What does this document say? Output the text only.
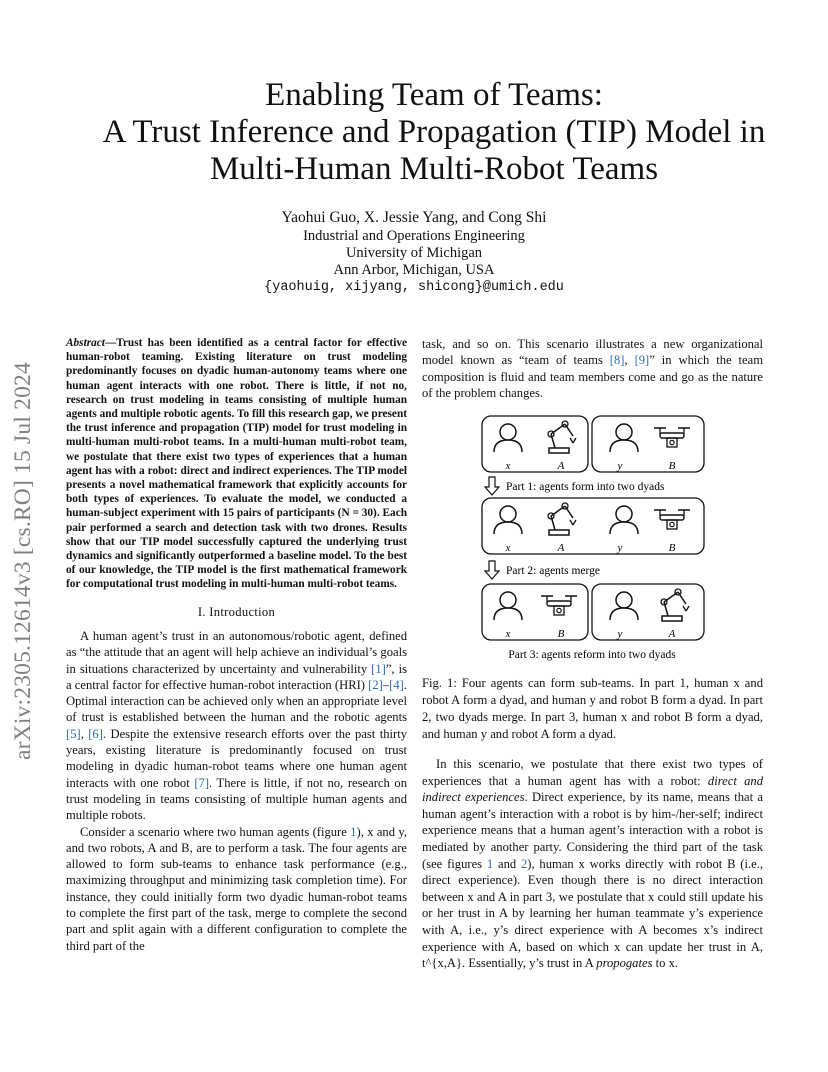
arXiv:2305.12614v3 [cs.RO] 15 Jul 2024
Enabling Team of Teams:
A Trust Inference and Propagation (TIP) Model in
Multi-Human Multi-Robot Teams
Yaohui Guo, X. Jessie Yang, and Cong Shi
Industrial and Operations Engineering
University of Michigan
Ann Arbor, Michigan, USA
{yaohuig, xijyang, shicong}@umich.edu
Abstract—Trust has been identified as a central factor for effective human-robot teaming. Existing literature on trust modeling predominantly focuses on dyadic human-autonomy teams where one human agent interacts with one robot. There is little, if not no, research on trust modeling in teams consisting of multiple human agents and multiple robotic agents. To fill this research gap, we present the trust inference and propagation (TIP) model for trust modeling in multi-human multi-robot teams. In a multi-human multi-robot team, we postulate that there exist two types of experiences that a human agent has with a robot: direct and indirect experiences. The TIP model presents a novel mathematical framework that explicitly accounts for both types of experiences. To evaluate the model, we conducted a human-subject experiment with 15 pairs of participants (N = 30). Each pair performed a search and detection task with two drones. Results show that our TIP model successfully captured the underlying trust dynamics and significantly outperformed a baseline model. To the best of our knowledge, the TIP model is the first mathematical framework for computational trust modeling in multi-human multi-robot teams.
I. Introduction

A human agent’s trust in an autonomous/robotic agent, defined as “the attitude that an agent will help achieve an individual’s goals in situations characterized by uncertainty and vulnerability [1]”, is a central factor for effective human-robot interaction (HRI) [2]–[4]. Optimal interaction can be achieved only when an appropriate level of trust is established between the human and the robotic agents [5], [6]. Despite the extensive research efforts over the past thirty years, existing literature is predominantly focused on trust modeling in dyadic human-robot teams where one human agent interacts with one robot [7]. There is little, if not no, research on trust modeling in teams consisting of multiple human agents and multiple robots.

Consider a scenario where two human agents (figure 1), x and y, and two robots, A and B, are to perform a task. The four agents are allowed to form sub-teams to enhance task performance (e.g., maximizing throughput and minimizing task completion time). For instance, they could initially form two dyadic human-robot teams to complete the first part of the task, merge to complete the second part and split again with a different configuration to complete the third part of the

task, and so on. This scenario illustrates a new organizational model known as “team of teams [8], [9]” in which the team composition is fluid and team members come and go as the nature of the problem changes.

x	A	y	B
Part 1: agents form into two dyads
x	A	y	B
Part 2: agents merge
x	B	y	A
Part 3: agents reform into two dyads
Fig. 1: Four agents can form sub-teams. In part 1, human x and robot A form a dyad, and human y and robot B form a dyad. In part 2, two dyads merge. In part 3, human x and robot B form a dyad, and human y and robot A form a dyad.

In this scenario, we postulate that there exist two types of experiences that a human agent has with a robot: direct and indirect experiences. Direct experience, by its name, means that a human agent’s interaction with a robot is by him-/her-self; indirect experience means that a human agent’s interaction with a robot is mediated by another party. Considering the third part of the task (see figures 1 and 2), human x works directly with robot B (i.e., direct experience). Even though there is no direct interaction between x and A in part 3, we postulate that x could still update his or her trust in A by learning her human teammate y’s experience with A, i.e., y’s direct experience with A becomes x’s indirect experience with A, based on which x can update her trust in A, t^{x,A}. Essentially, y’s trust in A propogates to x.
